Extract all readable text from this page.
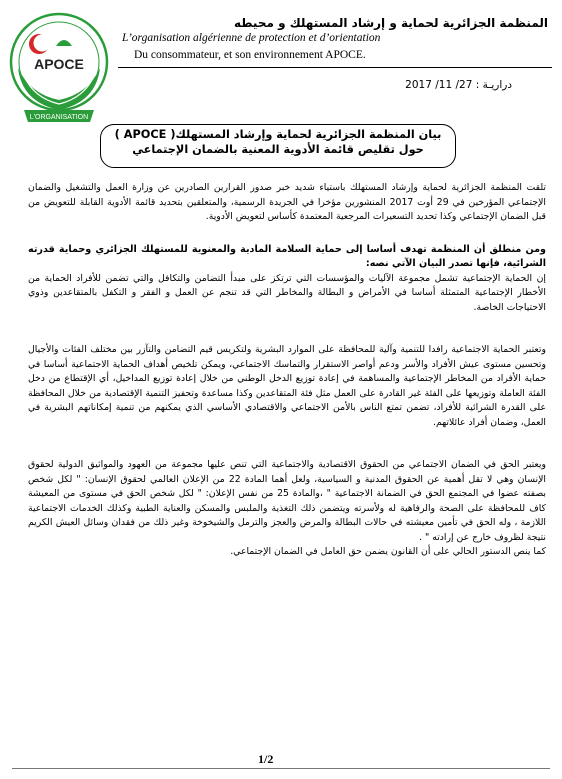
APOCE
L'ORGANISATION
المنظمة الجزائرية لحماية و إرشاد المستهلك و محيطه
L’organisation algérienne de protection et d’orientation
Du consommateur, et son environnement APOCE.
دراريـة : 27/ 11/ 2017
بيان المنظمة الجزائرية لحماية وإرشاد المستهلك( APOCE )
حول تقليص قائمة الأدوية المعنية بالضمان الإجتماعي

تلقت المنظمة الجزائرية لحماية وإرشاد المستهلك باستياء شديد خبر صدور القرارين الصادرين عن وزارة العمل والتشغيل والضمان الإجتماعي المؤرخين في 29 أوت 2017 المنشورين مؤخرا في الجريدة الرسمية، والمتعلقين بتحديد قائمة الأدوية القابلة للتعويض من قبل الضمان الإجتماعي وكذا تحديد التسعيرات المرجعية المعتمدة كأساس لتعويض الأدوية.

ومن منطلق أن المنظمة تهدف أساسا إلى حماية السلامة المادية والمعنوية للمستهلك الجزائري وحماية قدرته الشرائية، فإنها تصدر البيان الآتي نصه:

إن الحماية الإجتماعية تشمل مجموعة الآليات والمؤسسات التي ترتكز على مبدأ التضامن والتكافل والتي تضمن للأفراد الحماية من الأخطار الإجتماعية المتمثلة أساسا في الأمراض و البطالة والمخاطر التي قد تنجم عن العمل و الفقر و التكفل بالمتقاعدين وذوي الاحتياجات الخاصة.

وتعتبر الحماية الاجتماعية رافدا للتنمية وآلية للمحافظة على الموارد البشرية ولتكريس قيم التضامن والتآزر بين مختلف الفئات والأجيال وتحسين مستوى عيش الأفراد والأسر ودعم أواصر الاستقرار والتماسك الاجتماعي، ويمكن تلخيص أهداف الحماية الاجتماعية أساسا في حماية الأفراد من المخاطر الإجتماعية والمساهمة في إعادة توزيع الدخل الوطني من خلال إعادة توزيع المداخيل، أي الإقتطاع من دخل الفئة العاملة وتوزيعها على الفئة غير القادرة على العمل مثل فئة المتقاعدين وكذا مساعدة وتحفيز التنمية الإقتصادية من خلال المحافظة على القدرة الشرائية للأفراد، تضمن تمتع الناس بالأمن الاجتماعي والاقتصادي الأساسي الذي يمكنهم من تنمية إمكاناتهم البشرية في العمل، وضمان أفراد عائلاتهم.

ويعتبر الحق في الضمان الاجتماعي من الحقوق الاقتصادية والاجتماعية التي تنص عليها مجموعة من العهود والمواثيق الدولية لحقوق الإنسان وهي لا تقل أهمية عن الحقوق المدنية و السياسية، ولعل أهما المادة 22 من الإعلان العالمي لحقوق الإنسان: " لكل شخص بصفته عضوا في المجتمع الحق في الضمانة الاجتماعية " ،والمادة 25 من نفس الإعلان: " لكل شخص الحق في مستوى من المعيشة كاف للمحافظة على الصحة والرفاهية له ولأسرته ويتضمن ذلك التغذية والملبس والمسكن والعناية الطبية وكذلك الخدمات الاجتماعية اللازمة ، وله الحق في تأمين معيشته في حالات البطالة والمرض والعجز والترمل والشيخوخة وغير ذلك من فقدان وسائل العيش الكريم نتيجة لظروف خارج عن إرادته " .

كما ينص الدستور الحالي على أن القانون يضمن حق العامل في الضمان الإجتماعي.

1/2
